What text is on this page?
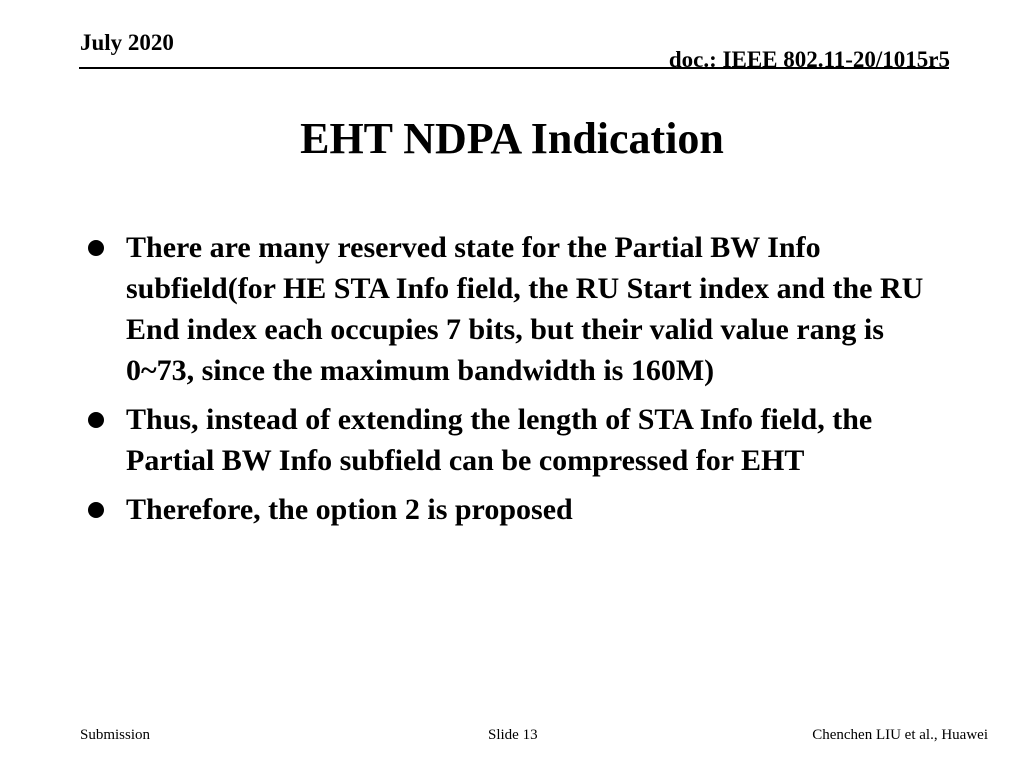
July 2020
doc.: IEEE 802.11-20/1015r5
EHT NDPA Indication
There are many reserved state for the Partial BW Info subfield(for HE STA Info field, the RU Start index and the RU End index each occupies 7 bits, but their valid value rang is 0~73, since the maximum bandwidth is 160M)
Thus, instead of extending the length of STA Info field, the Partial BW Info subfield can be compressed for EHT
Therefore, the option 2 is proposed
Submission	Slide 13	Chenchen LIU et al., Huawei
